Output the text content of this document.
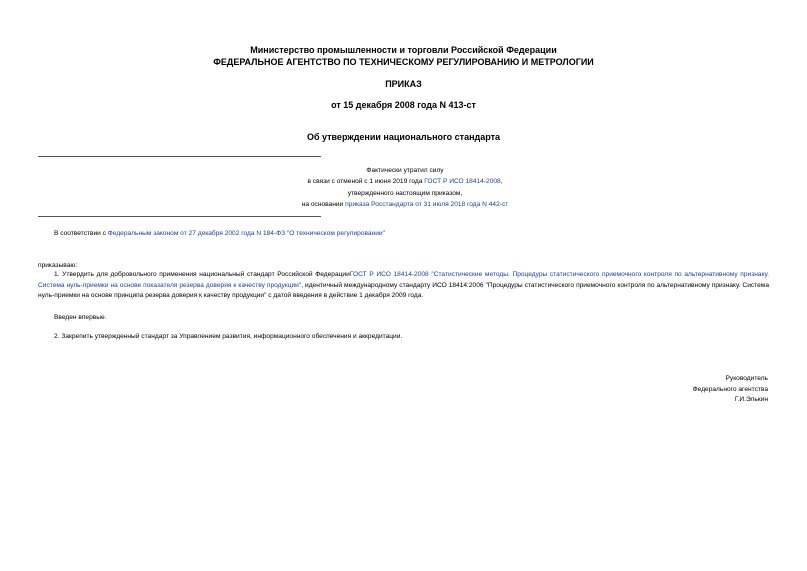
Министерство промышленности и торговли Российской Федерации
ФЕДЕРАЛЬНОЕ АГЕНТСТВО ПО ТЕХНИЧЕСКОМУ РЕГУЛИРОВАНИЮ И МЕТРОЛОГИИ
ПРИКАЗ
от 15 декабря 2008 года N 413-ст
Об утверждении национального стандарта
Фактически утратил силу
в связи с отменой с 1 июня 2019 года ГОСТ Р ИСО 18414-2008,
утвержденного настоящим приказом,
на основании приказа Росстандарта от 31 июля 2018 года N 442-ст
В соответствии с Федеральным законом от 27 декабря 2002 года N 184-ФЗ "О техническом регулировании"
приказываю:
1. Утвердить для добровольного применения национальный стандарт Российской ФедерацииГОСТ Р ИСО 18414-2008 "Статистические методы. Процедуры статистического приемочного контроля по альтернативному признаку. Система нуль-приемки на основе показателя резерва доверия к качеству продукции", идентичный международному стандарту ИСО 18414:2006 "Процедуры статистического приемочного контроля по альтернативному признаку. Система нуль-приемки на основе принципа резерва доверия к качеству продукции" с датой введения в действие 1 декабря 2009 года.
Введен впервые.
2. Закрепить утвержденный стандарт за Управлением развития, информационного обеспечения и аккредитации.
Руководитель
Федерального агентства
Г.И.Элькин
